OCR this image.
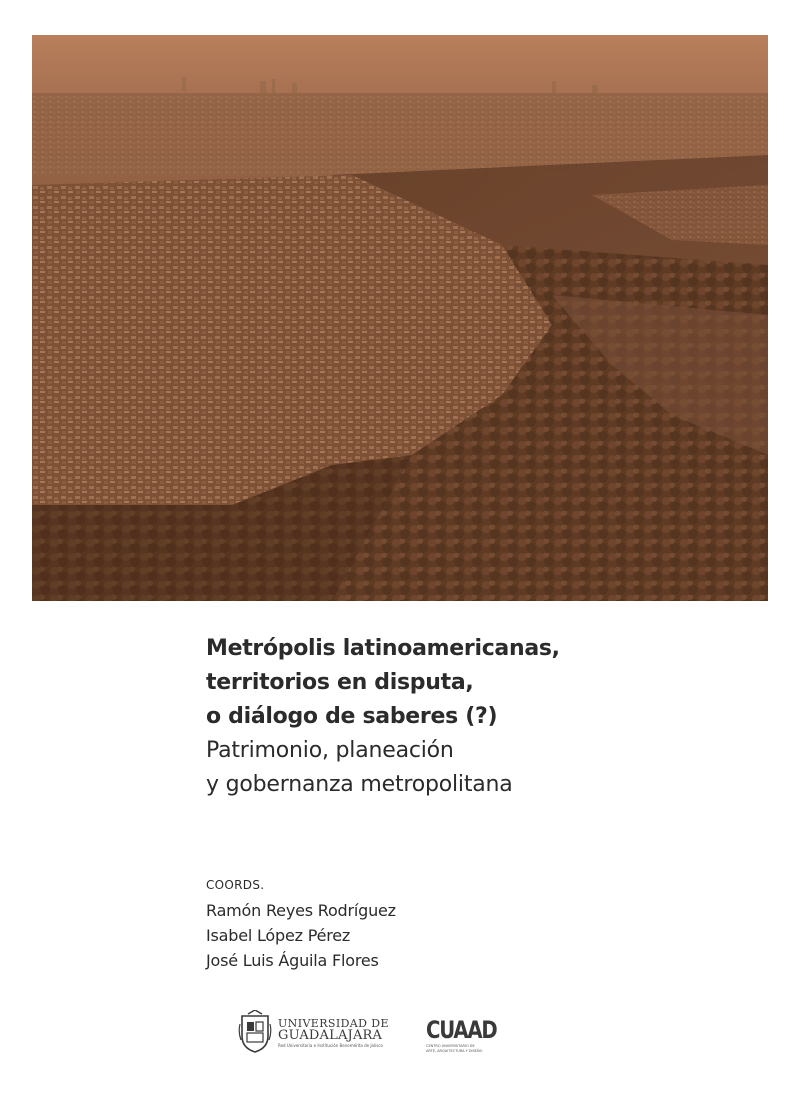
Metrópolis latinoamericanas,
territorios en disputa,
o diálogo de saberes (?)
Patrimonio, planeación
y gobernanza metropolitana
COORDS.
Ramón Reyes Rodríguez
Isabel López Pérez
José Luis Águila Flores
UNIVERSIDAD DE
GUADALAJARA
Red Universitaria e Institución Benemérita de Jalisco
CUAAD
CENTRO UNIVERSITARIO DE
ARTE, ARQUITECTURA Y DISEÑO
